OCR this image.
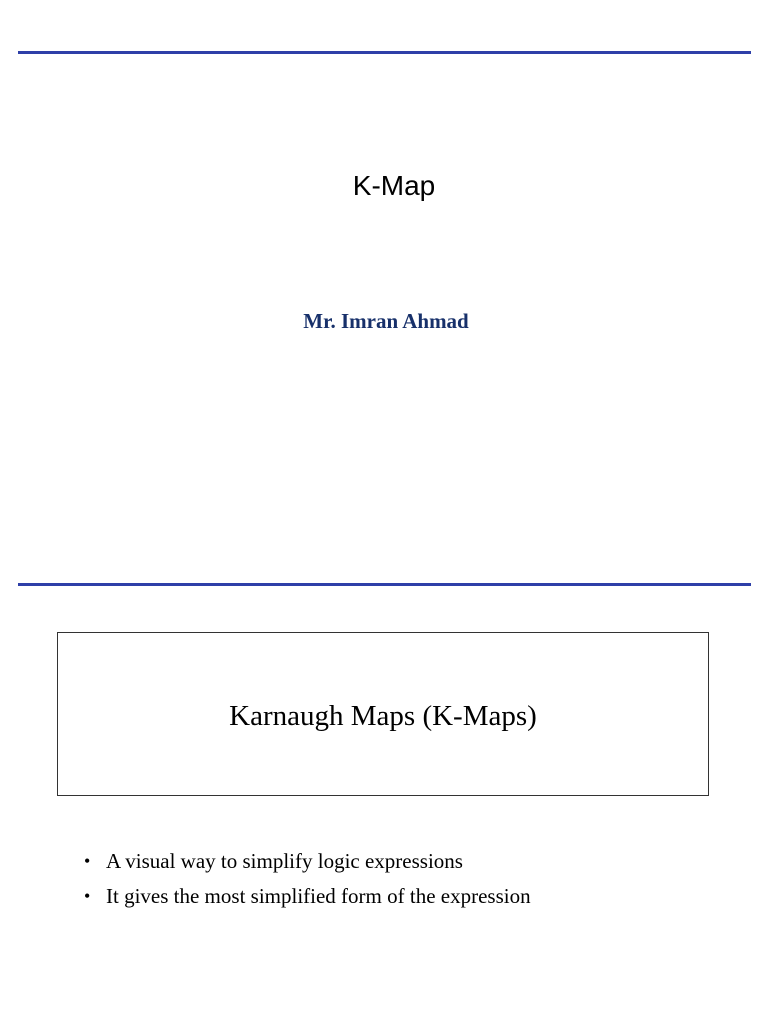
K-Map
Mr. Imran Ahmad
Karnaugh Maps (K-Maps)
• A visual way to simplify logic expressions
• It gives the most simplified form of the expression
